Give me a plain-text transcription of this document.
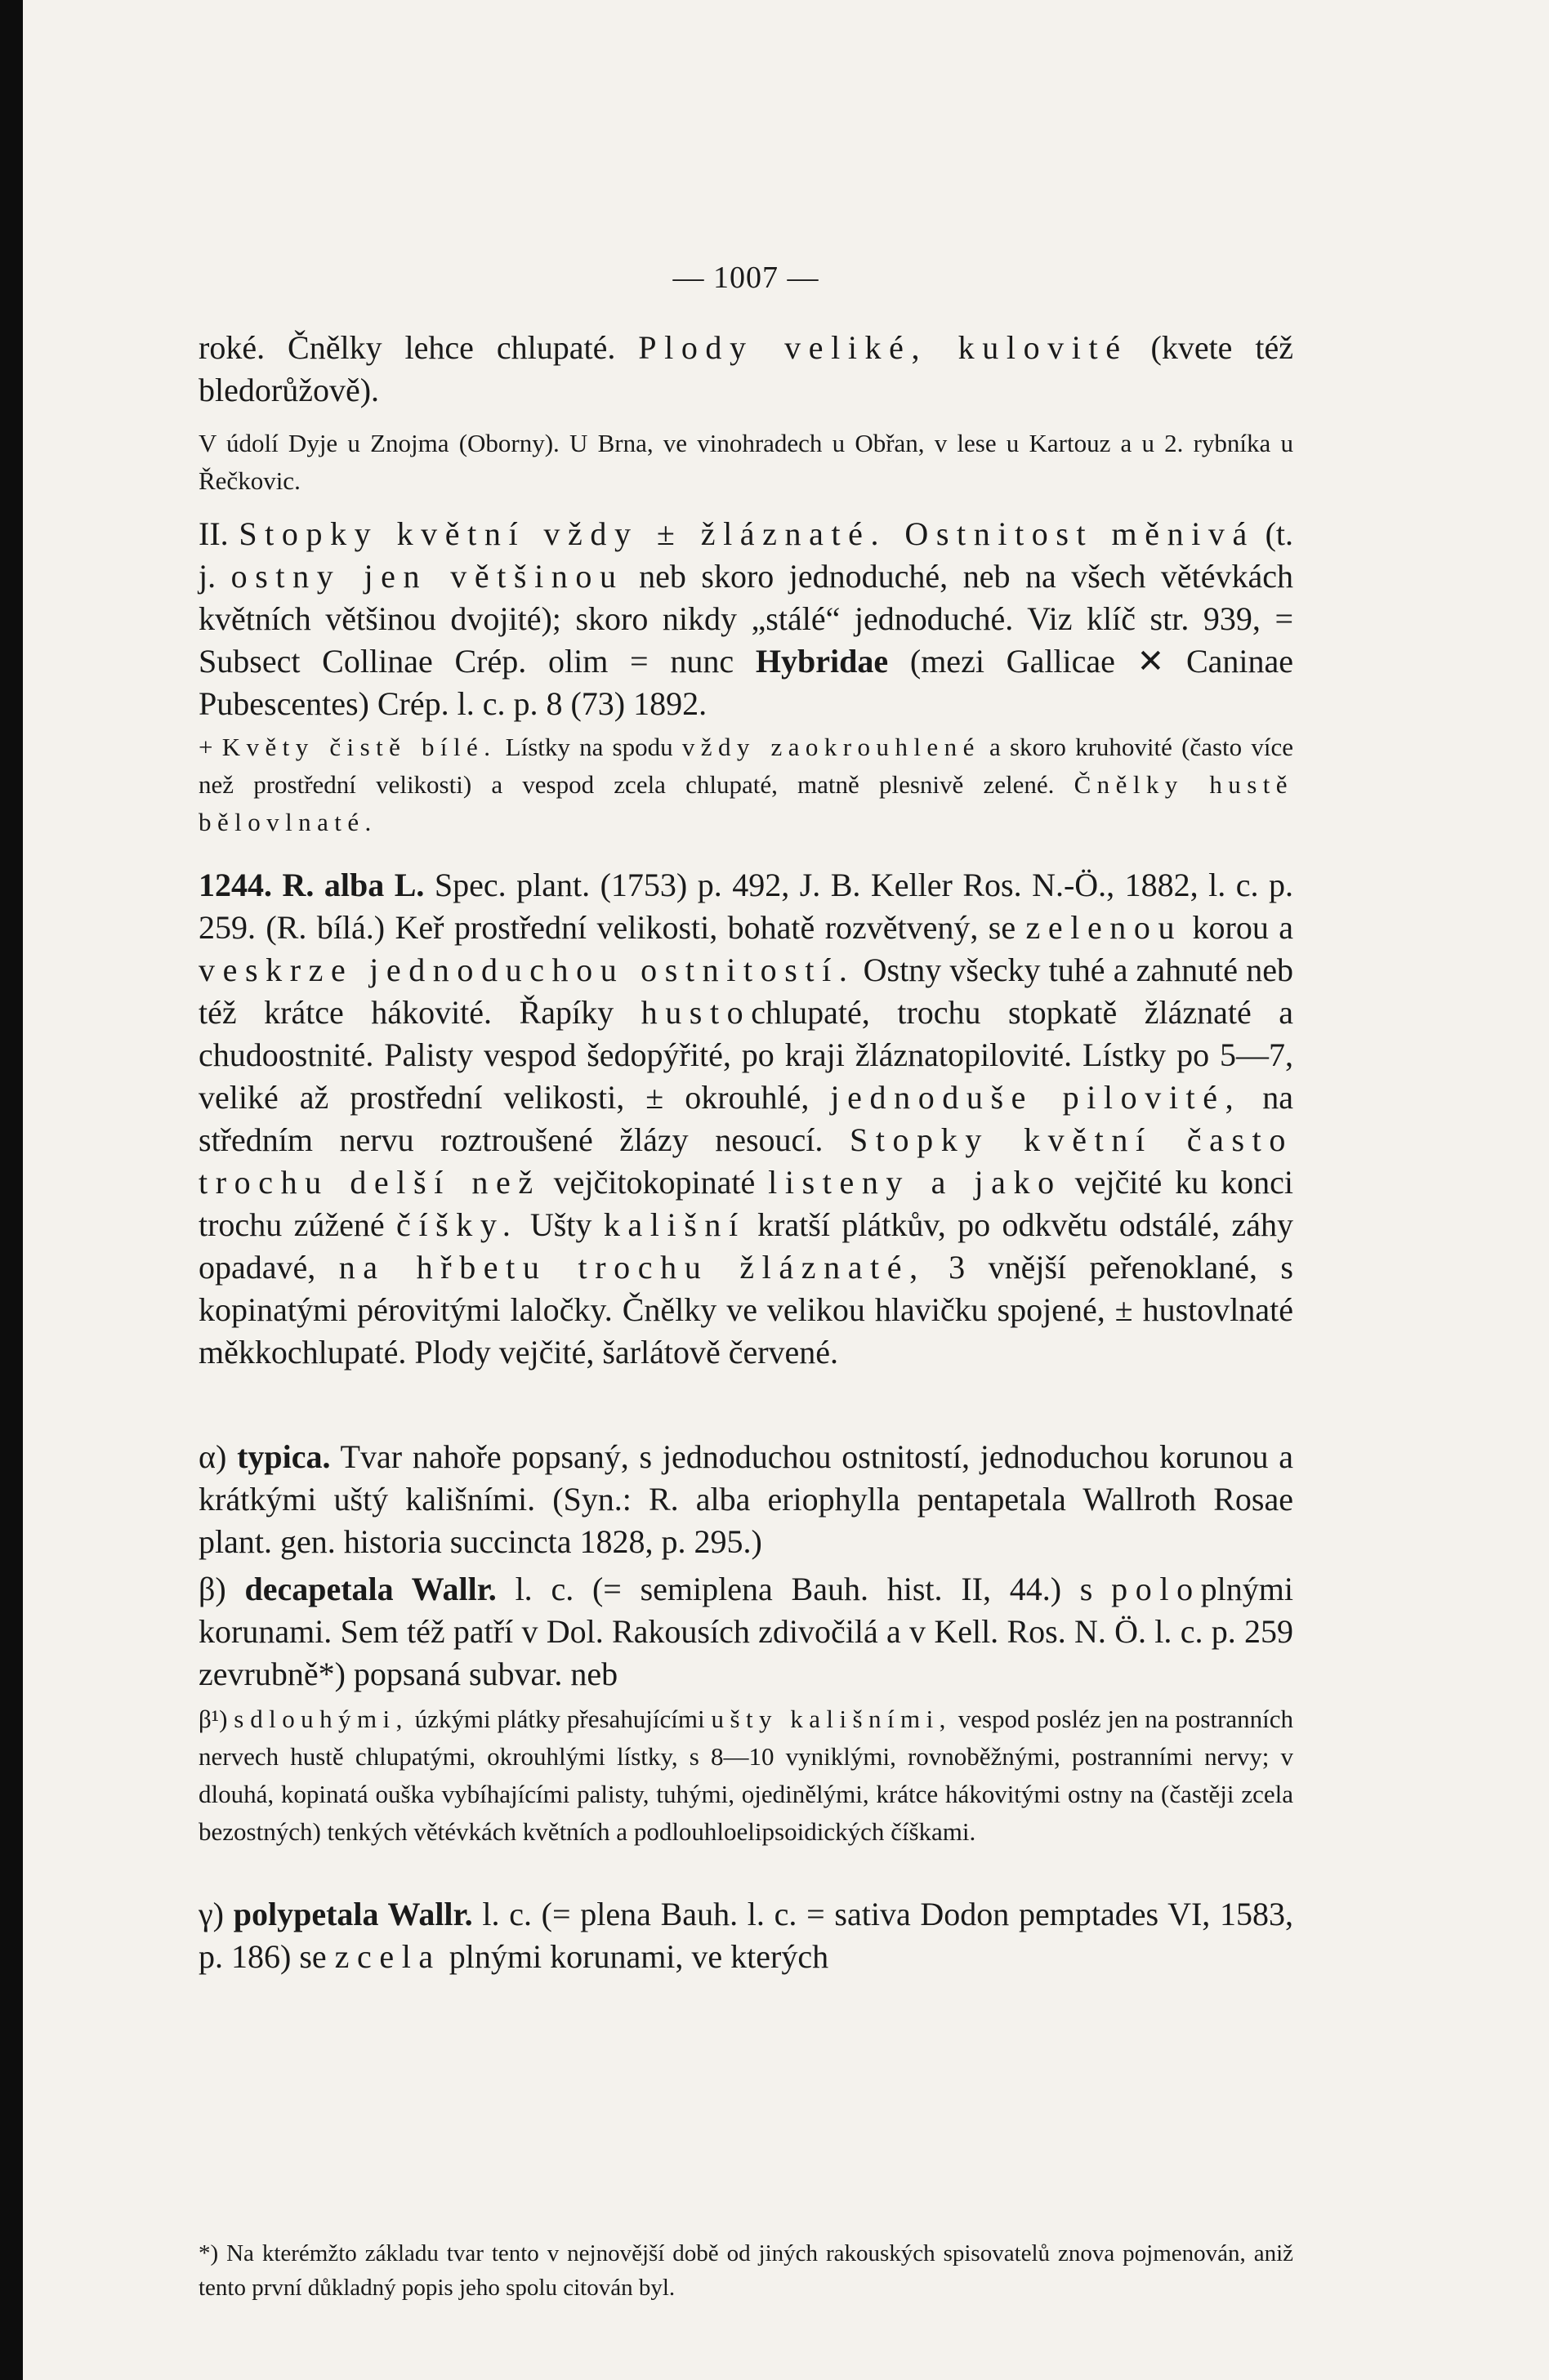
— 1007 —

roké. Čnělky lehce chlupaté. Plody veliké, kulovité (kvete též bledorůžově).

V údolí Dyje u Znojma (Oborny). U Brna, ve vinohradech u Obřan, v lese u Kartouz a u 2. rybníka u Řečkovic.

II. Stopky květní vždy ± žláznaté. Ostnitost měnivá (t. j. ostny jen většinou neb skoro jednoduché, neb na všech větévkách květních většinou dvojité); skoro nikdy „stálé“ jednoduché. Viz klíč str. 939, = Subsect Collinae Crép. olim = nunc Hybridae (mezi Gallicae ✕ Caninae Pubescentes) Crép. l. c. p. 8 (73) 1892.

+ Květy čistě bílé. Lístky na spodu vždy zaokrouhlené a skoro kruhovité (často více než prostřední velikosti) a vespod zcela chlupaté, matně plesnivě zelené. Čnělky hustě bělovlnaté.

1244. R. alba L. Spec. plant. (1753) p. 492, J. B. Keller Ros. N.-Ö., 1882, l. c. p. 259. (R. bílá.) Keř prostřední velikosti, bohatě rozvětvený, se zelenou korou a veskrze jednoduchou ostnitostí. Ostny všecky tuhé a zahnuté neb též krátce hákovité. Řapíky hustochlupaté, trochu stopkatě žláznaté a chudoostnité. Palisty vespod šedopýřité, po kraji žláznatopilovité. Lístky po 5—7, veliké až prostřední velikosti, ± okrouhlé, jednoduše pilovité, na středním nervu roztroušené žlázy nesoucí. Stopky květní často trochu delší než vejčitokopinaté listeny a jako vejčité ku konci trochu zúžené číšky. Ušty kališní kratší plátkův, po odkvětu odstálé, záhy opadavé, na hřbetu trochu žláznaté, 3 vnější peřenoklané, s kopinatými pérovitými laločky. Čnělky ve velikou hlavičku spojené, ± hustovlnaté měkkochlupaté. Plody vejčité, šarlátově červené.

α) typica. Tvar nahoře popsaný, s jednoduchou ostnitostí, jednoduchou korunou a krátkými uštý kališními. (Syn.: R. alba eriophylla pentapetala Wallroth Rosae plant. gen. historia succincta 1828, p. 295.)

β) decapetala Wallr. l. c. (= semiplena Bauh. hist. II, 44.) s poloplnými korunami. Sem též patří v Dol. Rakousích zdivočilá a v Kell. Ros. N. Ö. l. c. p. 259 zevrubně*) popsaná subvar. neb

β¹) s dlouhými, úzkými plátky přesahujícími ušty kališními, vespod posléz jen na postranních nervech hustě chlupatými, okrouhlými lístky, s 8—10 vyniklými, rovnoběžnými, postranními nervy; v dlouhá, kopinatá ouška vybíhajícími palisty, tuhými, ojedinělými, krátce hákovitými ostny na (častěji zcela bezostných) tenkých větévkách květních a podlouhloelipsoidických číškami.

γ) polypetala Wallr. l. c. (= plena Bauh. l. c. = sativa Dodon pemptades VI, 1583, p. 186) se zcela plnými korunami, ve kterých

*) Na kterémžto základu tvar tento v nejnovější době od jiných rakouských spisovatelů znova pojmenován, aniž tento první důkladný popis jeho spolu citován byl.
